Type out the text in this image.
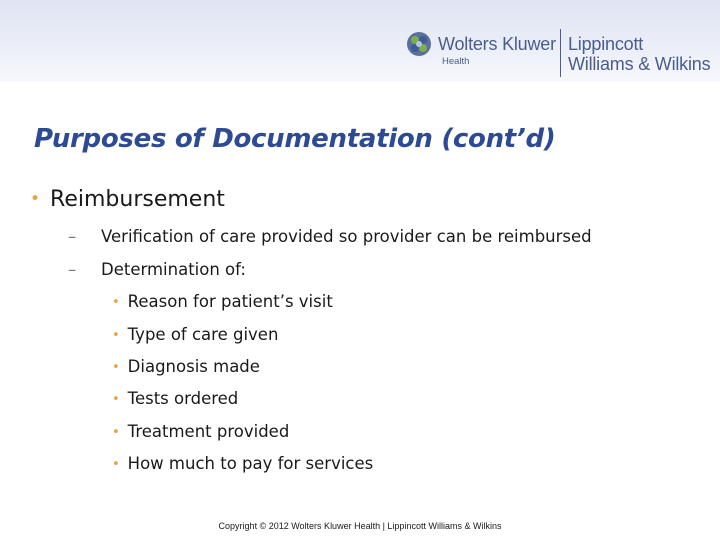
Wolters Kluwer
Health
Lippincott
Williams & Wilkins
Purposes of Documentation (cont’d)
• Reimbursement
– Verification of care provided so provider can be reimbursed
– Determination of:
• Reason for patient’s visit
• Type of care given
• Diagnosis made
• Tests ordered
• Treatment provided
• How much to pay for services
Copyright © 2012 Wolters Kluwer Health | Lippincott Williams & Wilkins
